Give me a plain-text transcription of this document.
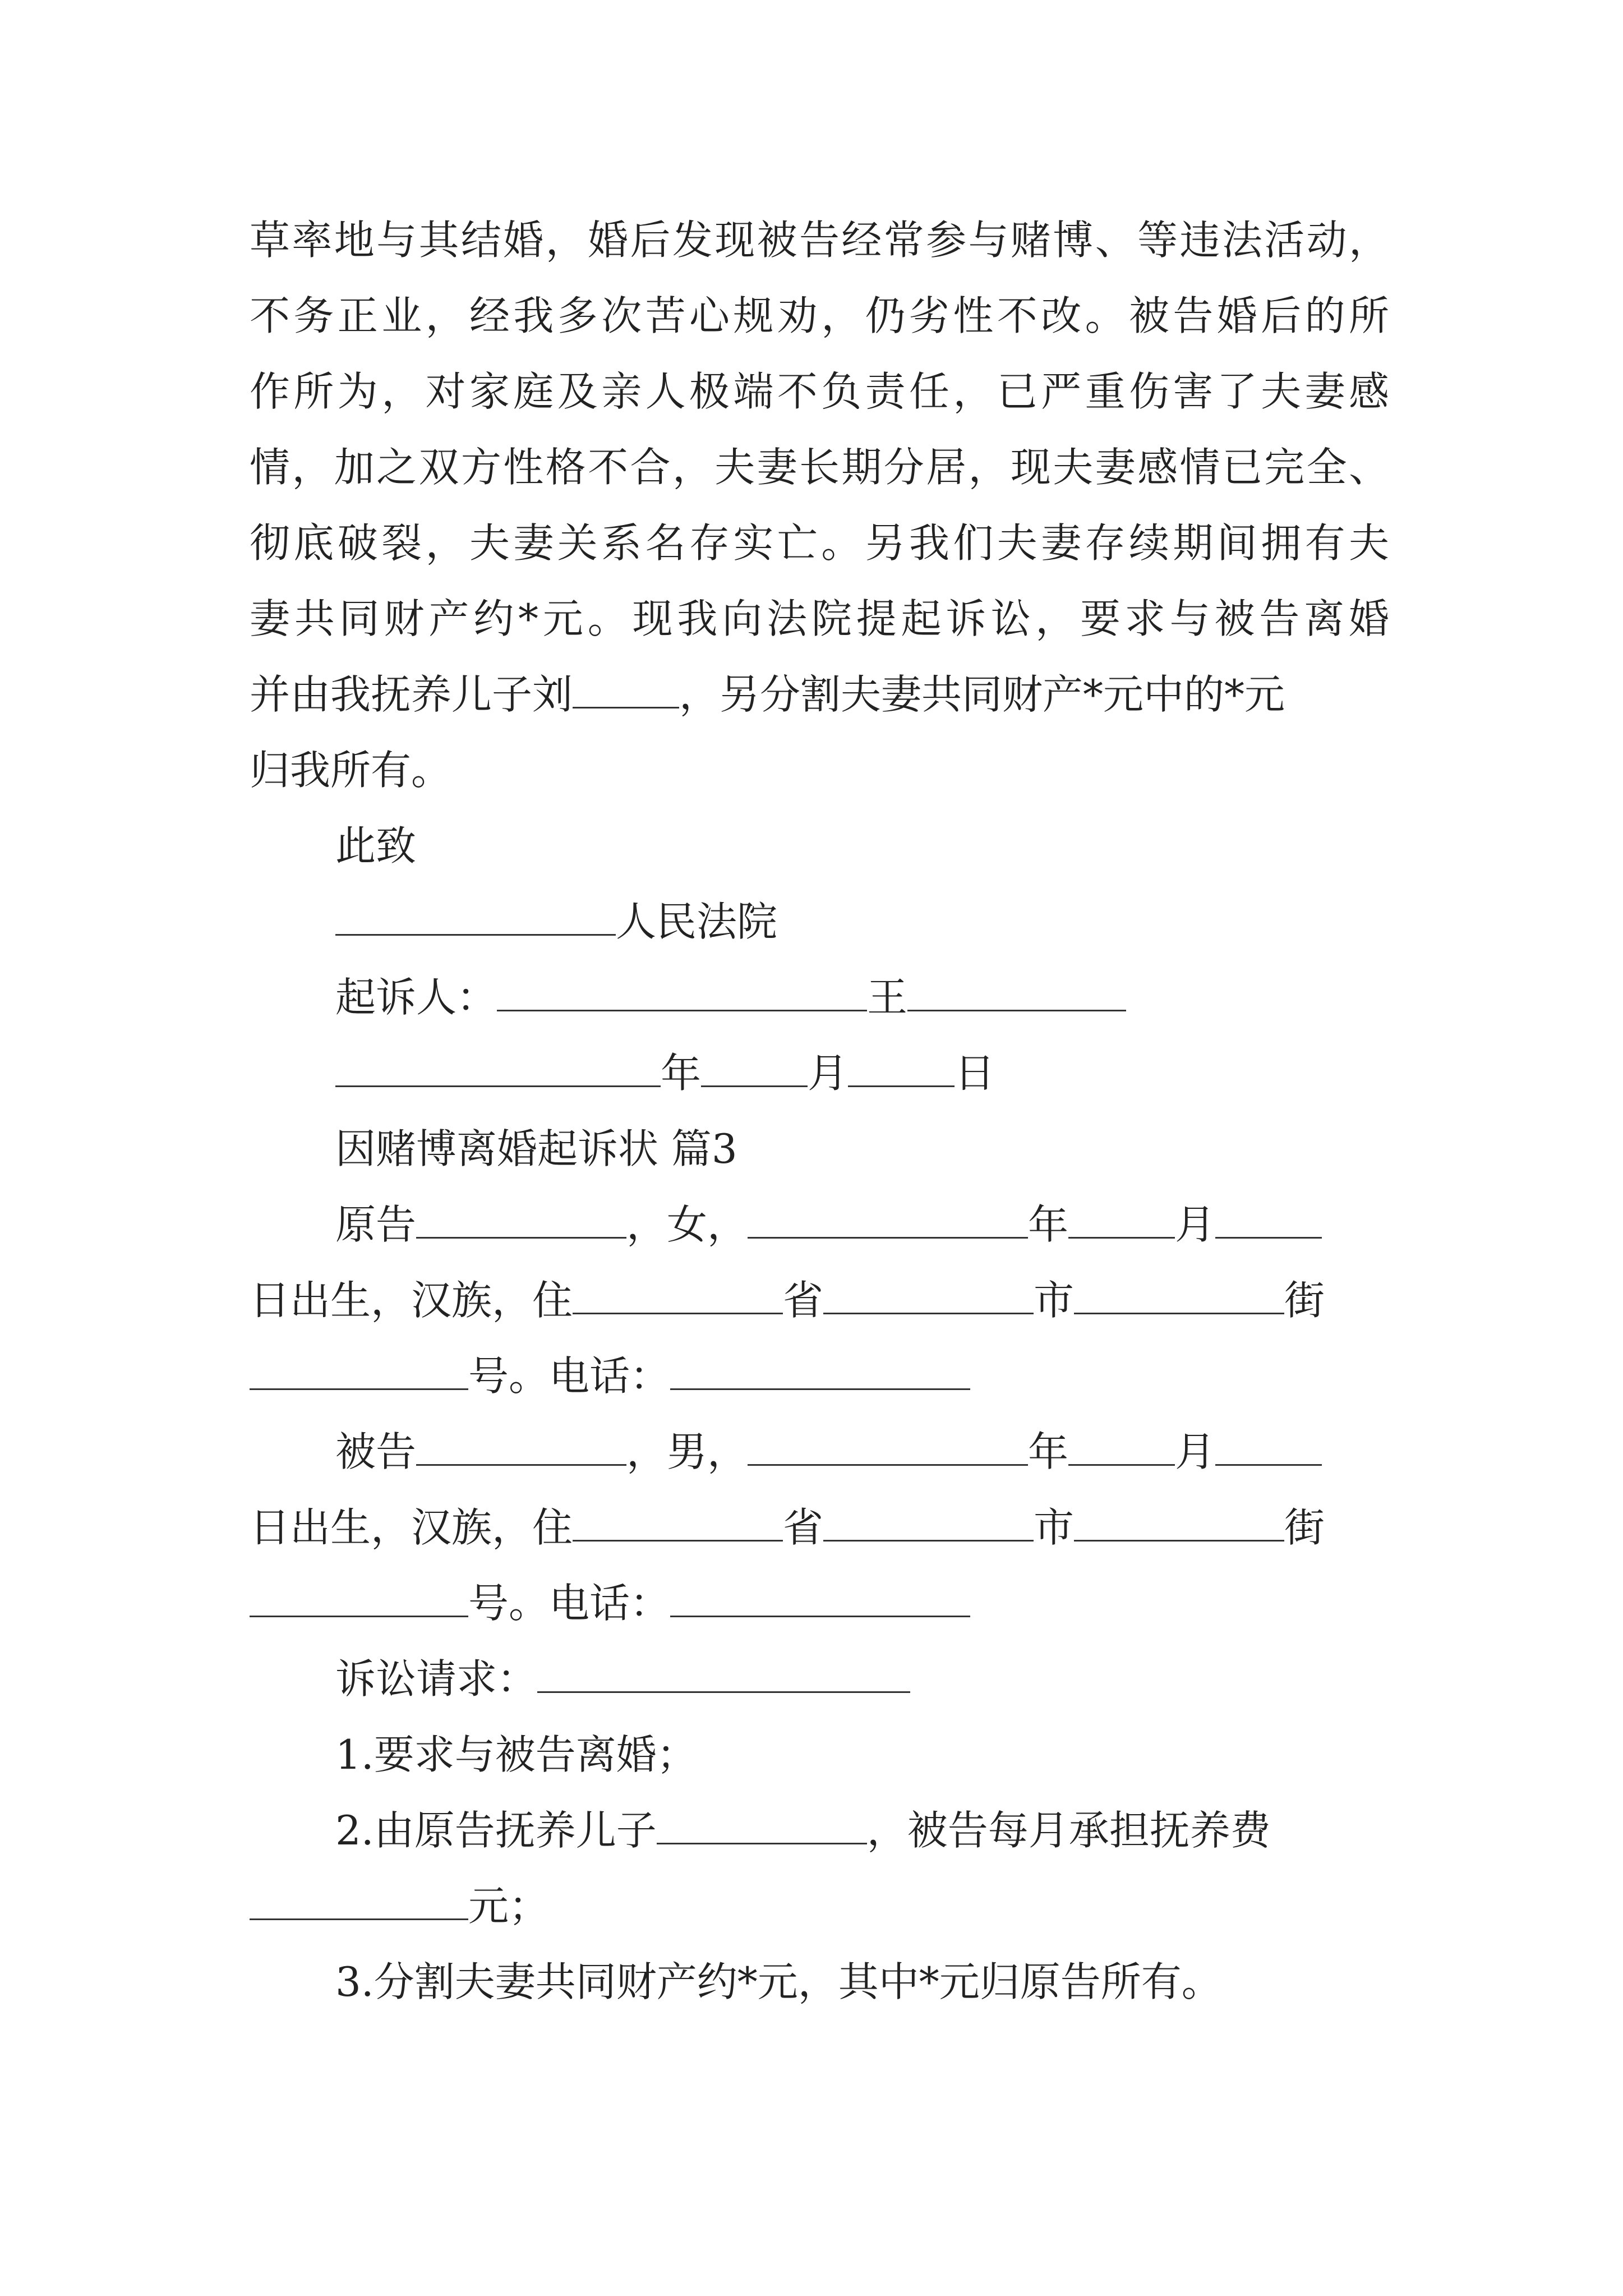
草率地与其结婚，婚后发现被告经常参与赌博、等违法活动，
不务正业，经我多次苦心规劝，仍劣性不改。被告婚后的所
作所为，对家庭及亲人极端不负责任，已严重伤害了夫妻感
情，加之双方性格不合，夫妻长期分居，现夫妻感情已完全、
彻底破裂，夫妻关系名存实亡。另我们夫妻存续期间拥有夫
妻共同财产约*元。现我向法院提起诉讼，要求与被告离婚
并由我抚养儿子刘	，另分割夫妻共同财产*元中的*元
归我所有。
此致
人民法院
起诉人：	王
年	月	日
因赌博离婚起诉状 篇3
原告	，女，	年	月
日出生，汉族，住	省	市	街
号。电话：
被告	，男，	年	月
日出生，汉族，住	省	市	街
号。电话：
诉讼请求：
1.要求与被告离婚；
2.由原告抚养儿子	，被告每月承担抚养费
元；
3.分割夫妻共同财产约*元，其中*元归原告所有。
